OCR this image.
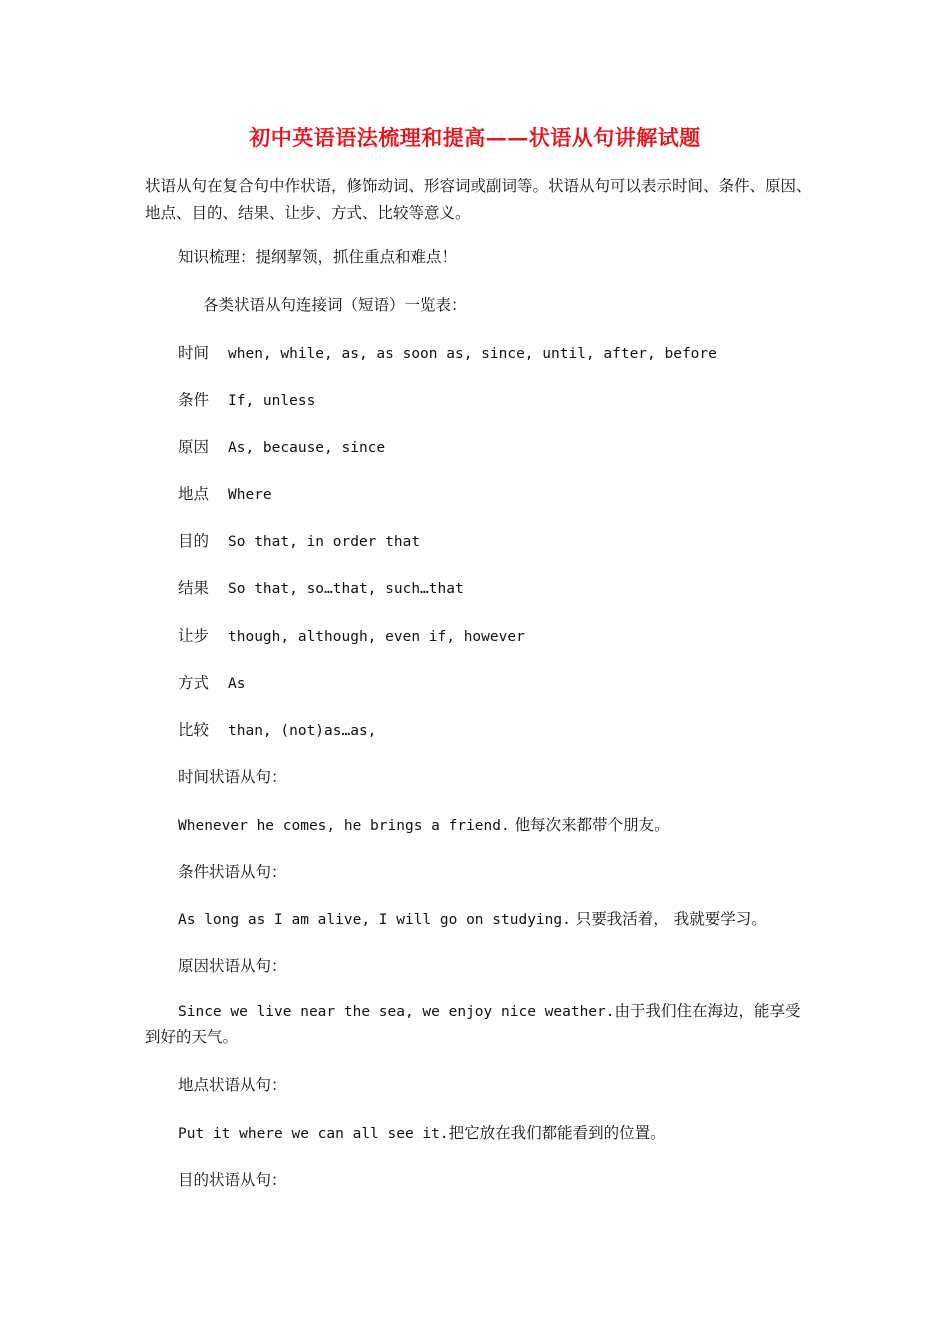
初中英语语法梳理和提高——状语从句讲解试题

状语从句在复合句中作状语，修饰动词、形容词或副词等。状语从句可以表示时间、条件、原因、地点、目的、结果、让步、方式、比较等意义。

知识梳理：提纲挈领，抓住重点和难点！

各类状语从句连接词（短语）一览表：

时间 when, while, as, as soon as, since, until, after, before
条件 If, unless
原因 As, because, since
地点 Where
目的 So that, in order that
结果 So that, so…that, such…that
让步 though, although, even if, however
方式 As
比较 than, (not)as…as,

时间状语从句：

Whenever he comes, he brings a friend. 他每次来都带个朋友。

条件状语从句：

As long as I am alive, I will go on studying. 只要我活着， 我就要学习。

原因状语从句：

Since we live near the sea, we enjoy nice weather.由于我们住在海边，能享受到好的天气。

地点状语从句：

Put it where we can all see it.把它放在我们都能看到的位置。

目的状语从句：
